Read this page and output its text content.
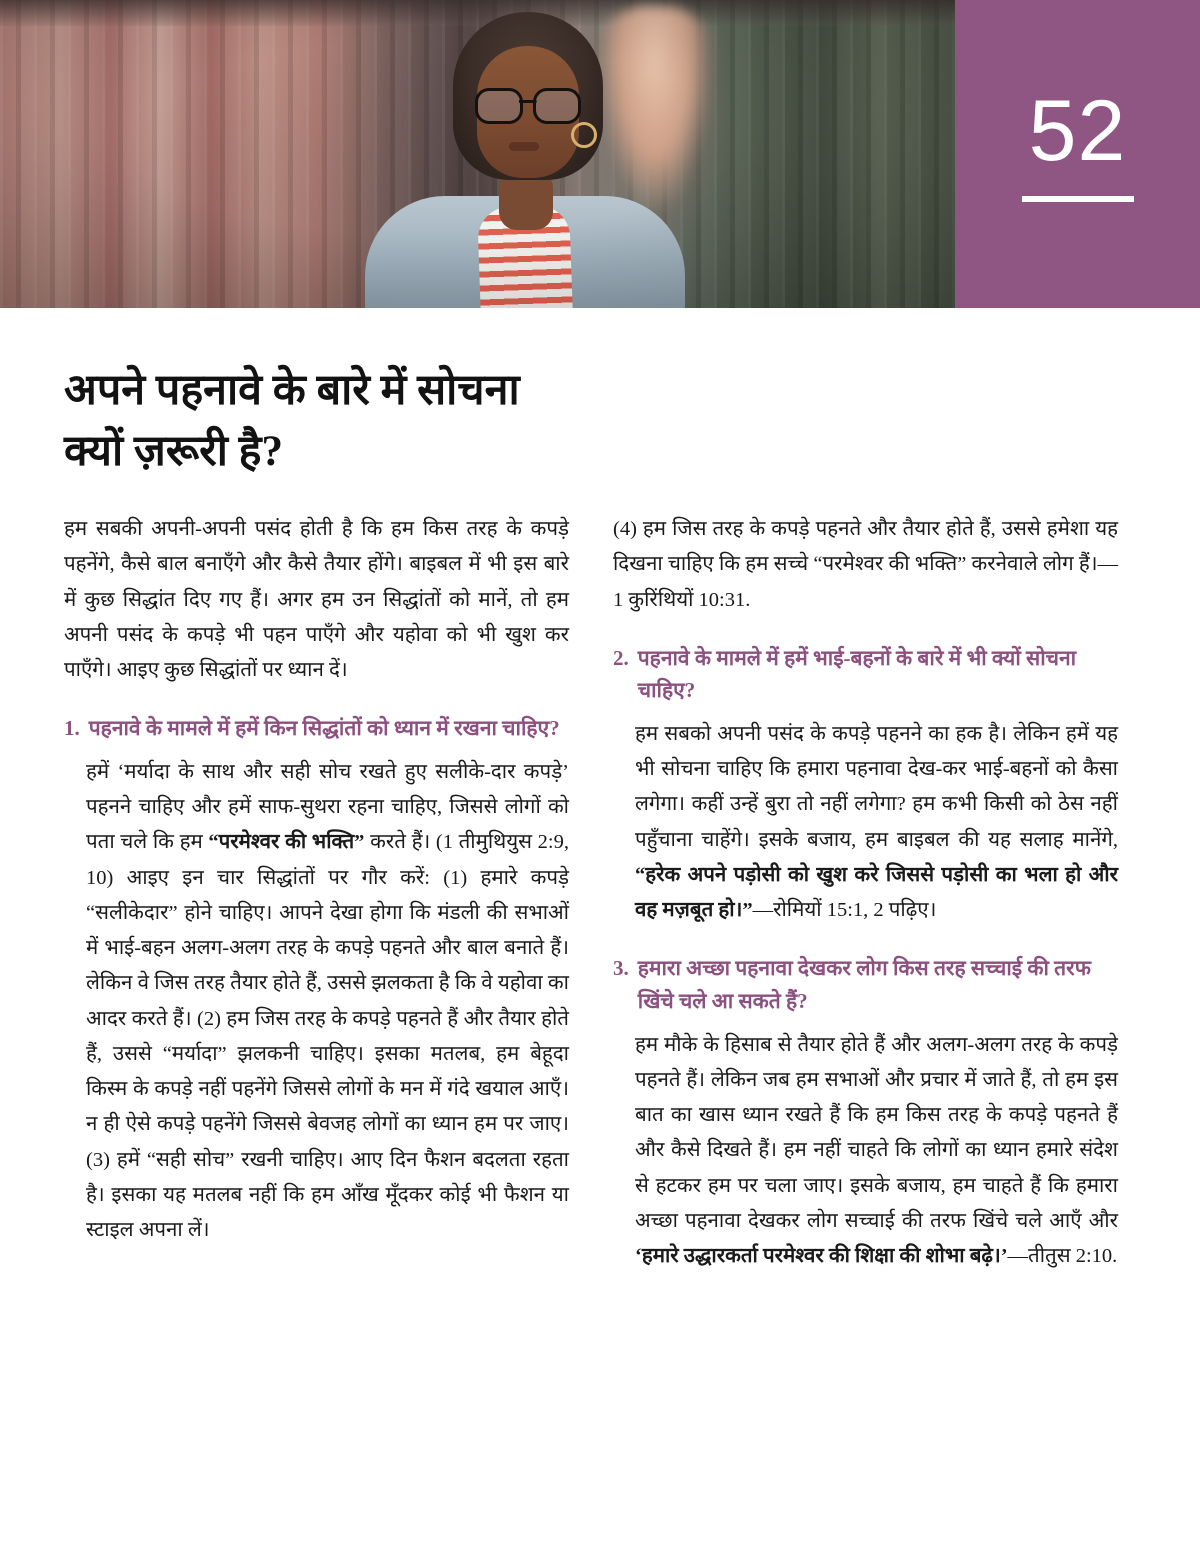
52
अपने पहनावे के बारे में सोचना
क्यों ज़रूरी है?

हम सबकी अपनी-अपनी पसंद होती है कि हम किस तरह के कपड़े पहनेंगे, कैसे बाल बनाएँगे और कैसे तैयार होंगे। बाइबल में भी इस बारे में कुछ सिद्धांत दिए गए हैं। अगर हम उन सिद्धांतों को मानें, तो हम अपनी पसंद के कपड़े भी पहन पाएँगे और यहोवा को भी खुश कर पाएँगे। आइए कुछ सिद्धांतों पर ध्यान दें।

1. पहनावे के मामले में हमें किन सिद्धांतों को ध्यान में रखना चाहिए?

हमें ‘मर्यादा के साथ और सही सोच रखते हुए सलीके-दार कपड़े’ पहनने चाहिए और हमें साफ-सुथरा रहना चाहिए, जिससे लोगों को पता चले कि हम “परमेश्वर की भक्ति” करते हैं। (1 तीमुथियुस 2:9, 10) आइए इन चार सिद्धांतों पर गौर करें: (1) हमारे कपड़े “सलीकेदार” होने चाहिए। आपने देखा होगा कि मंडली की सभाओं में भाई-बहन अलग-अलग तरह के कपड़े पहनते और बाल बनाते हैं। लेकिन वे जिस तरह तैयार होते हैं, उससे झलकता है कि वे यहोवा का आदर करते हैं। (2) हम जिस तरह के कपड़े पहनते हैं और तैयार होते हैं, उससे “मर्यादा” झलकनी चाहिए। इसका मतलब, हम बेहूदा किस्म के कपड़े नहीं पहनेंगे जिससे लोगों के मन में गंदे खयाल आएँ। न ही ऐसे कपड़े पहनेंगे जिससे बेवजह लोगों का ध्यान हम पर जाए। (3) हमें “सही सोच” रखनी चाहिए। आए दिन फैशन बदलता रहता है। इसका यह मतलब नहीं कि हम आँख मूँदकर कोई भी फैशन या स्टाइल अपना लें।

(4) हम जिस तरह के कपड़े पहनते और तैयार होते हैं, उससे हमेशा यह दिखना चाहिए कि हम सच्चे “परमेश्वर की भक्ति” करनेवाले लोग हैं।—1 कुरिंथियों 10:31.

2. पहनावे के मामले में हमें भाई-बहनों के बारे में भी क्यों सोचना चाहिए?

हम सबको अपनी पसंद के कपड़े पहनने का हक है। लेकिन हमें यह भी सोचना चाहिए कि हमारा पहनावा देख-कर भाई-बहनों को कैसा लगेगा। कहीं उन्हें बुरा तो नहीं लगेगा? हम कभी किसी को ठेस नहीं पहुँचाना चाहेंगे। इसके बजाय, हम बाइबल की यह सलाह मानेंगे, “हरेक अपने पड़ोसी को खुश करे जिससे पड़ोसी का भला हो और वह मज़बूत हो।”—रोमियों 15:1, 2 पढ़िए।

3. हमारा अच्छा पहनावा देखकर लोग किस तरह सच्चाई की तरफ खिंचे चले आ सकते हैं?

हम मौके के हिसाब से तैयार होते हैं और अलग-अलग तरह के कपड़े पहनते हैं। लेकिन जब हम सभाओं और प्रचार में जाते हैं, तो हम इस बात का खास ध्यान रखते हैं कि हम किस तरह के कपड़े पहनते हैं और कैसे दिखते हैं। हम नहीं चाहते कि लोगों का ध्यान हमारे संदेश से हटकर हम पर चला जाए। इसके बजाय, हम चाहते हैं कि हमारा अच्छा पहनावा देखकर लोग सच्चाई की तरफ खिंचे चले आएँ और ‘हमारे उद्धारकर्ता परमेश्वर की शिक्षा की शोभा बढ़े।’—तीतुस 2:10.
